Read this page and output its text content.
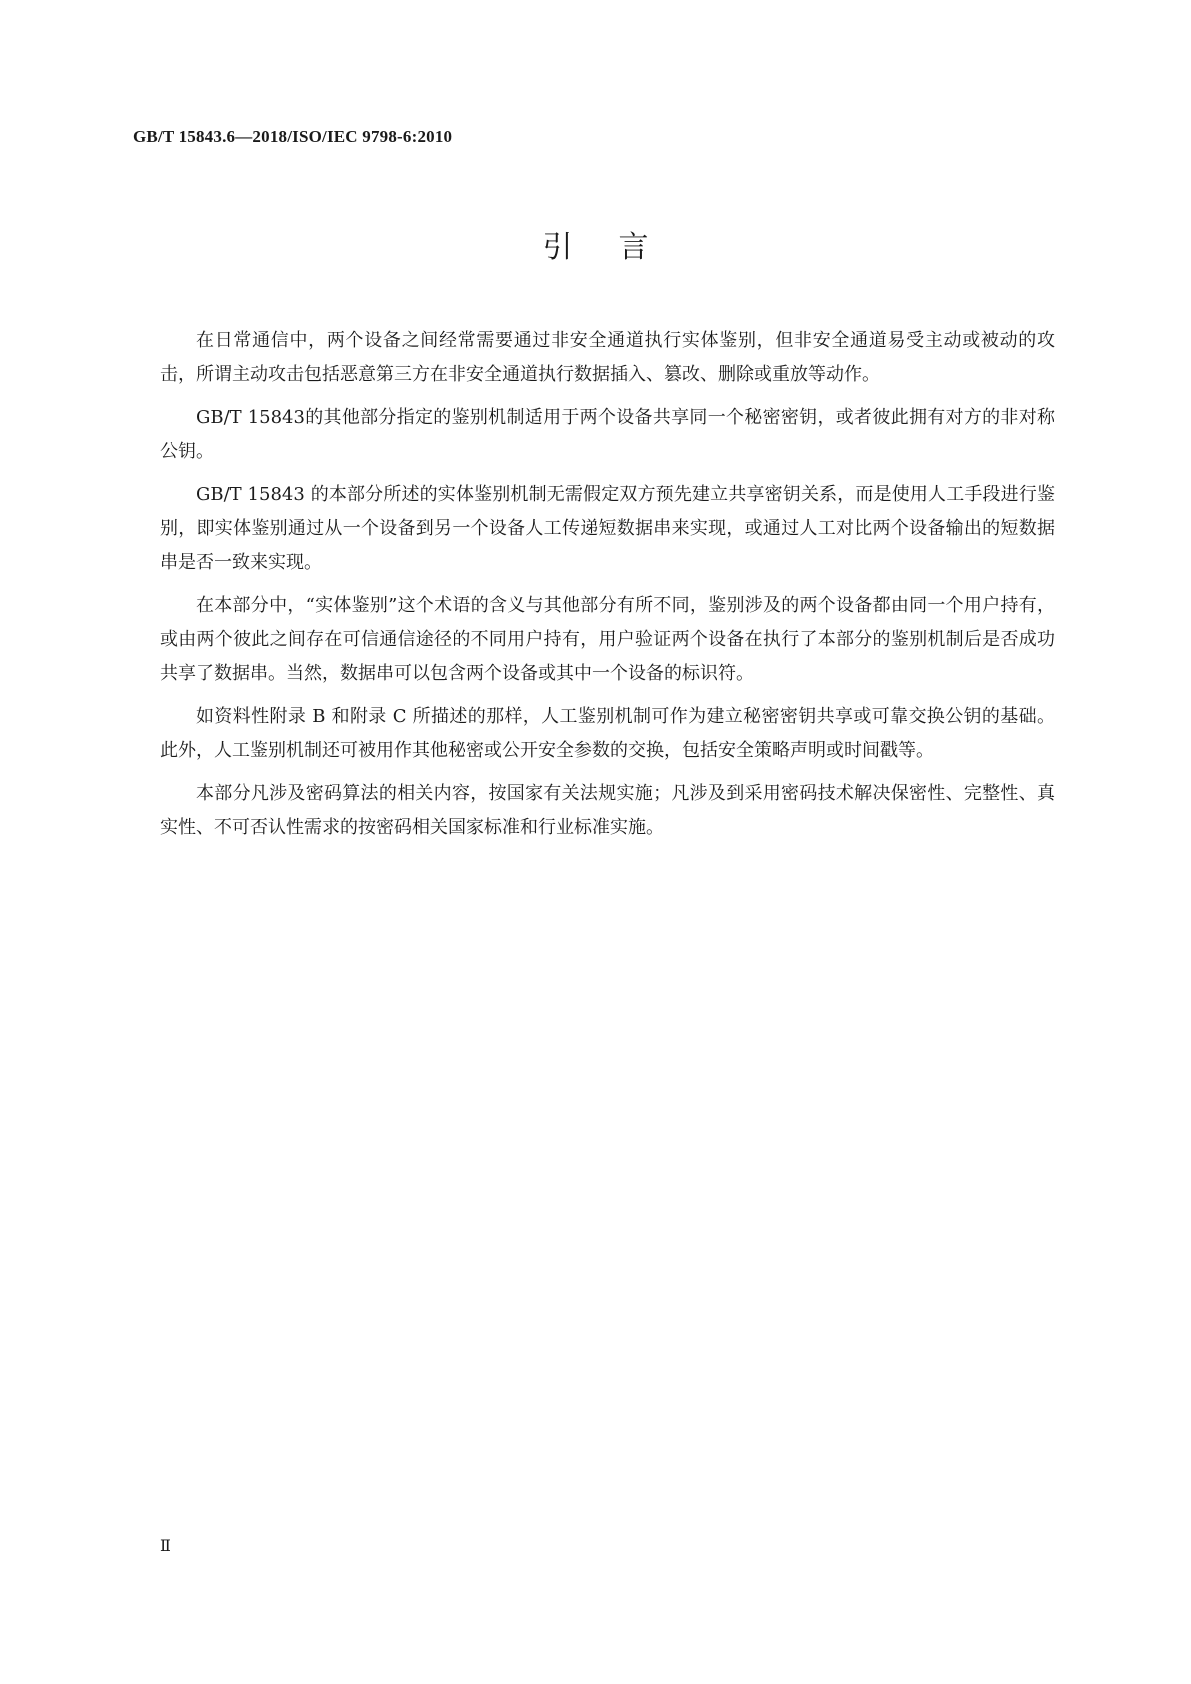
GB/T 15843.6—2018/ISO/IEC 9798-6:2010
引言

在日常通信中，两个设备之间经常需要通过非安全通道执行实体鉴别，但非安全通道易受主动或被动的攻击，所谓主动攻击包括恶意第三方在非安全通道执行数据插入、篡改、删除或重放等动作。

GB/T 15843的其他部分指定的鉴别机制适用于两个设备共享同一个秘密密钥，或者彼此拥有对方的非对称公钥。

GB/T 15843 的本部分所述的实体鉴别机制无需假定双方预先建立共享密钥关系，而是使用人工手段进行鉴别，即实体鉴别通过从一个设备到另一个设备人工传递短数据串来实现，或通过人工对比两个设备输出的短数据串是否一致来实现。

在本部分中，“实体鉴别”这个术语的含义与其他部分有所不同，鉴别涉及的两个设备都由同一个用户持有，或由两个彼此之间存在可信通信途径的不同用户持有，用户验证两个设备在执行了本部分的鉴别机制后是否成功共享了数据串。当然，数据串可以包含两个设备或其中一个设备的标识符。

如资料性附录 B 和附录 C 所描述的那样，人工鉴别机制可作为建立秘密密钥共享或可靠交换公钥的基础。此外，人工鉴别机制还可被用作其他秘密或公开安全参数的交换，包括安全策略声明或时间戳等。

本部分凡涉及密码算法的相关内容，按国家有关法规实施；凡涉及到采用密码技术解决保密性、完整性、真实性、不可否认性需求的按密码相关国家标准和行业标准实施。

Ⅱ
